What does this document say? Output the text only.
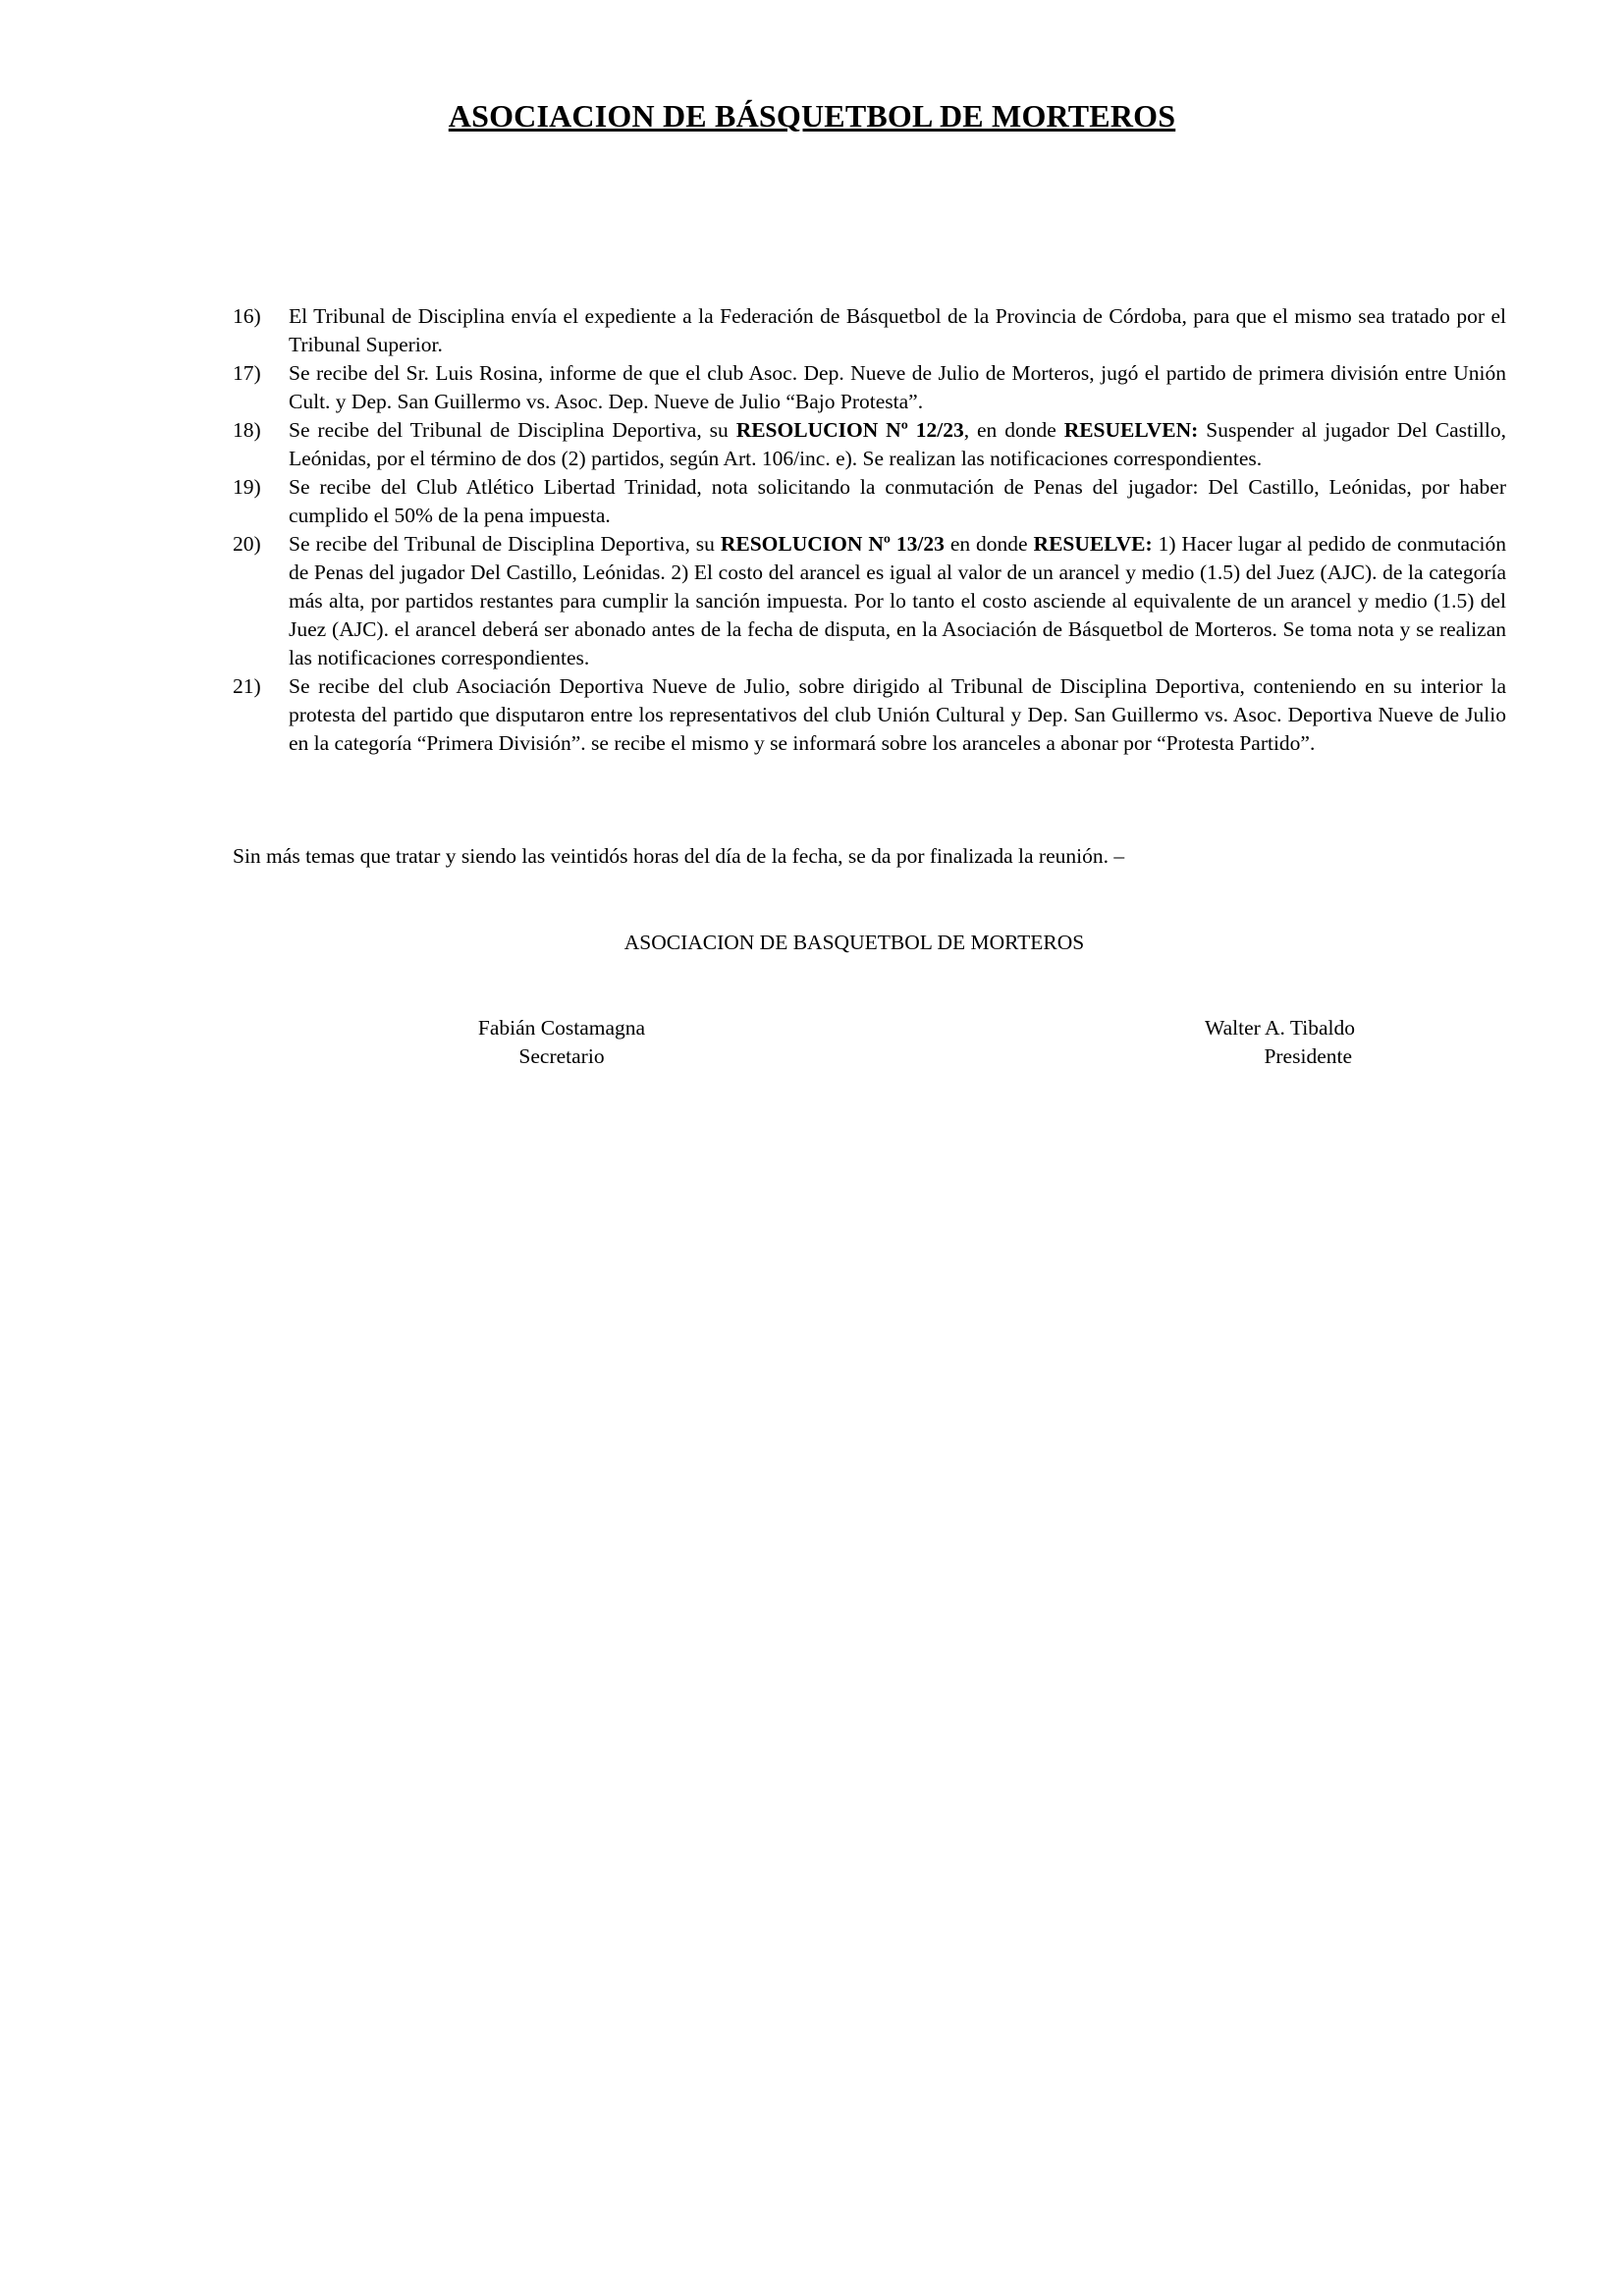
ASOCIACION DE BÁSQUETBOL DE MORTEROS
16) El Tribunal de Disciplina envía el expediente a la Federación de Básquetbol de la Provincia de Córdoba, para que el mismo sea tratado por el Tribunal Superior.
17) Se recibe del Sr. Luis Rosina, informe de que el club Asoc. Dep. Nueve de Julio de Morteros, jugó el partido de primera división entre Unión Cult. y Dep. San Guillermo vs. Asoc. Dep. Nueve de Julio “Bajo Protesta”.
18) Se recibe del Tribunal de Disciplina Deportiva, su RESOLUCION Nº 12/23, en donde RESUELVEN: Suspender al jugador Del Castillo, Leónidas, por el término de dos (2) partidos, según Art. 106/inc. e). Se realizan las notificaciones correspondientes.
19) Se recibe del Club Atlético Libertad Trinidad, nota solicitando la conmutación de Penas del jugador: Del Castillo, Leónidas, por haber cumplido el 50% de la pena impuesta.
20) Se recibe del Tribunal de Disciplina Deportiva, su RESOLUCION Nº 13/23 en donde RESUELVE: 1) Hacer lugar al pedido de conmutación de Penas del jugador Del Castillo, Leónidas. 2) El costo del arancel es igual al valor de un arancel y medio (1.5) del Juez (AJC). de la categoría más alta, por partidos restantes para cumplir la sanción impuesta. Por lo tanto el costo asciende al equivalente de un arancel y medio (1.5) del Juez (AJC). el arancel deberá ser abonado antes de la fecha de disputa, en la Asociación de Básquetbol de Morteros. Se toma nota y se realizan las notificaciones correspondientes.
21) Se recibe del club Asociación Deportiva Nueve de Julio, sobre dirigido al Tribunal de Disciplina Deportiva, conteniendo en su interior la protesta del partido que disputaron entre los representativos del club Unión Cultural y Dep. San Guillermo vs. Asoc. Deportiva Nueve de Julio en la categoría “Primera División”. se recibe el mismo y se informará sobre los aranceles a abonar por “Protesta Partido”.

Sin más temas que tratar y siendo las veintidós horas del día de la fecha, se da por finalizada la reunión. –

ASOCIACION DE BASQUETBOL DE MORTEROS

Fabián Costamagna
Secretario
Walter A. Tibaldo
Presidente
